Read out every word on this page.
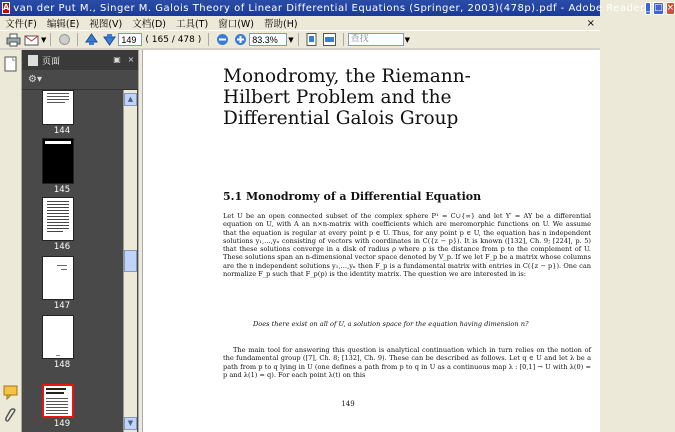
A van der Put M., Singer M. Galois Theory of Linear Differential Equations (Springer, 2003)(478p).pdf - Adobe Reader _ □ ×
文件(F)	编辑(E)	视图(V)	文档(D)	工具(T)	窗口(W)	帮助(H)	×
▼
149	( 165 / 478 )
83.3%	▼	查找	▼
页面	▣ ×
⚙▾
144
145
146
147
148
149
▲
▼
Monodromy, the Riemann-Hilbert Problem and the Differential Galois Group
5.1 Monodromy of a Differential Equation
Let U be an open connected subset of the complex sphere P¹ = C∪{∞} and let Y′ = AY be a differential equation on U, with A an n×n-matrix with coefficients which are meromorphic functions on U. We assume that the equation is regular at every point p ∈ U. Thus, for any point p ∈ U, the equation has n independent solutions y₁,…,yₙ consisting of vectors with coordinates in C({z − p}). It is known ([132], Ch. 9; [224], p. 5) that these solutions converge in a disk of radius ρ where ρ is the distance from p to the complement of U. These solutions span an n-dimensional vector space denoted by V_p. If we let F_p be a matrix whose columns are the n independent solutions y₁,…,yₙ then F_p is a fundamental matrix with entries in C({z − p}). One can normalize F_p such that F_p(p) is the identity matrix. The question we are interested in is:
Does there exist on all of U, a solution space for the equation having dimension n?
The main tool for answering this question is analytical continuation which in turn relies on the notion of the fundamental group ([7], Ch. 8; [132], Ch. 9). These can be described as follows. Let q ∈ U and let λ be a path from p to q lying in U (one defines a path from p to q in U as a continuous map λ : [0,1] → U with λ(0) = p and λ(1) = q). For each point λ(t) on this
149
